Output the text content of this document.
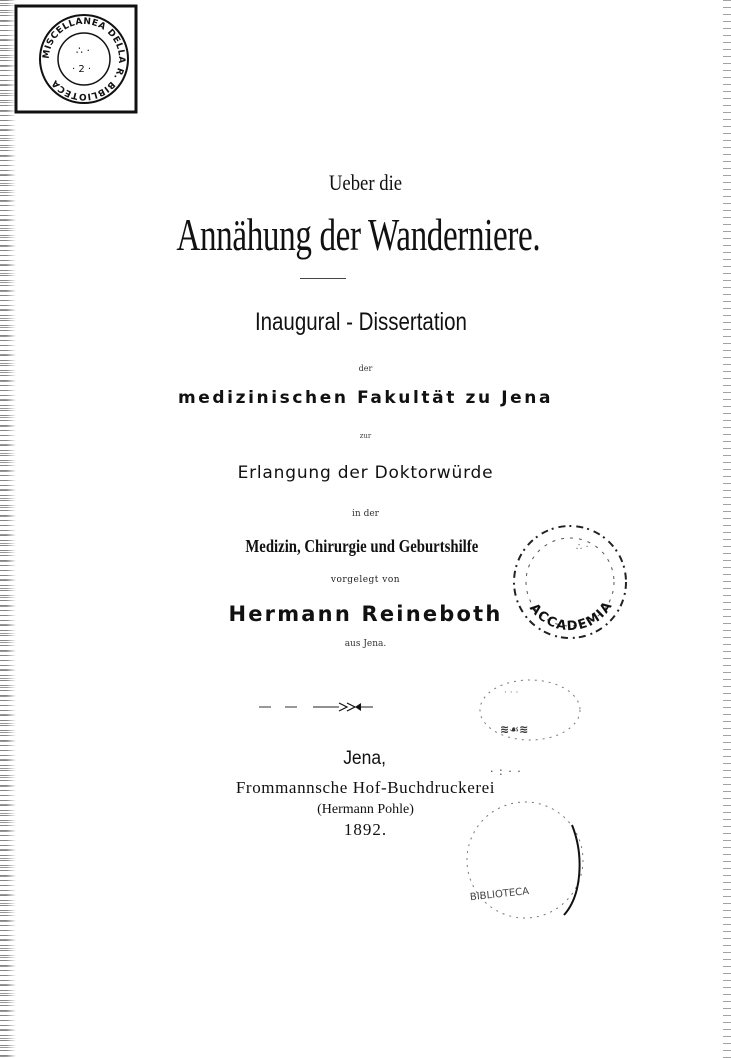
MISCELLANEA DELLA R. BIBLIOTECA
∴ ·
· 2 ·
Ueber die
Annähung der Wanderniere.
Inaugural - Dissertation
der
medizinischen Fakultät zu Jena
zur
Erlangung der Doktorwürde
in der
Medizin, Chirurgie und Geburtshilfe
vorgelegt von
Hermann Reineboth
aus Jena.
Jena,
Frommannsche Hof-Buchdruckerei
(Hermann Pohle)
1892.
ACCADEMIA
∴ ·
· · ·
≋☙≋
· : · ·
BIBLIOTECA
